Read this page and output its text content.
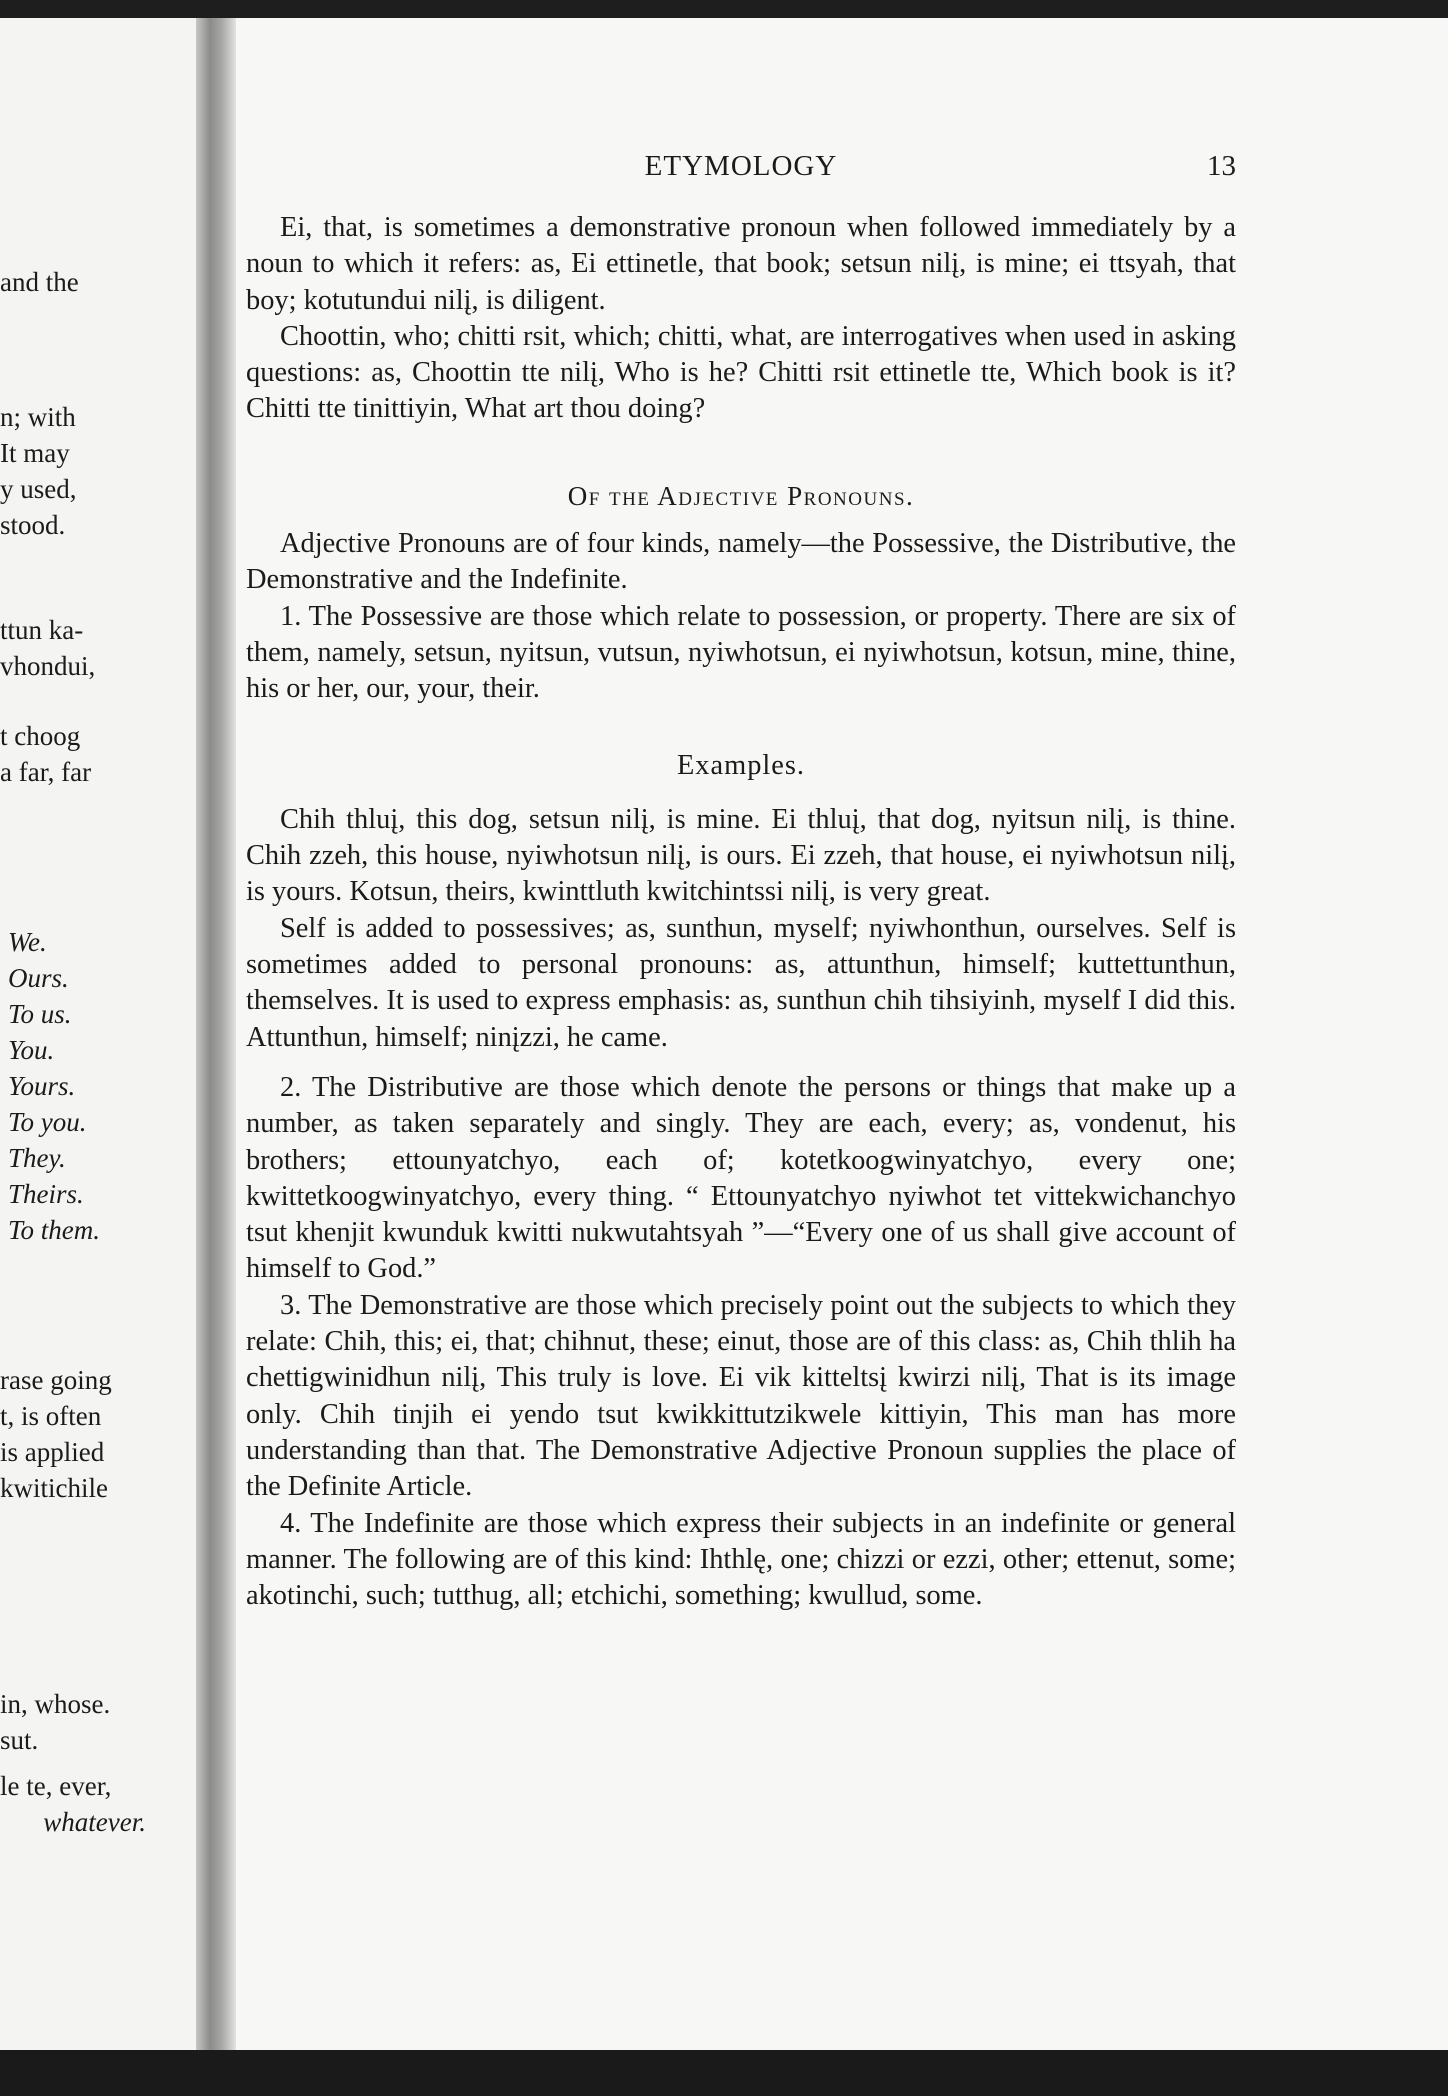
and the
n; with
It may
y used,
stood.
ttun ka-
vhondui,
t choog
a far, far
We.
Ours.
To us.
You.
Yours.
To you.
They.
Theirs.
To them.
rase going
t, is often
is applied
kwitichile
in, whose.
sut.
le te, ever,
whatever.
ETYMOLOGY	13

Ei, that, is sometimes a demonstrative pronoun when followed immediately by a noun to which it refers: as, Ei ettinetle, that book; setsun nilį, is mine; ei ttsyah, that boy; kotutundui nilį, is diligent.

Choottin, who; chitti rsit, which; chitti, what, are interrogatives when used in asking questions: as, Choottin tte nilį, Who is he? Chitti rsit ettinetle tte, Which book is it? Chitti tte tinittiyin, What art thou doing?

Of the Adjective Pronouns.

Adjective Pronouns are of four kinds, namely—the Possessive, the Distributive, the Demonstrative and the Indefinite.

1. The Possessive are those which relate to possession, or property. There are six of them, namely, setsun, nyitsun, vutsun, nyiwhotsun, ei nyiwhotsun, kotsun, mine, thine, his or her, our, your, their.

Examples.

Chih thluį, this dog, setsun nilį, is mine. Ei thluį, that dog, nyitsun nilį, is thine. Chih zzeh, this house, nyiwhotsun nilį, is ours. Ei zzeh, that house, ei nyiwhotsun nilį, is yours. Kotsun, theirs, kwinttluth kwitchintssi nilį, is very great.

Self is added to possessives; as, sunthun, myself; nyiwhonthun, ourselves. Self is sometimes added to personal pronouns: as, attunthun, himself; kuttettunthun, themselves. It is used to express emphasis: as, sunthun chih tihsiyinh, myself I did this. Attunthun, himself; ninįzzi, he came.

2. The Distributive are those which denote the persons or things that make up a number, as taken separately and singly. They are each, every; as, vondenut, his brothers; ettounyatchyo, each of; kotetkoogwinyatchyo, every one; kwittetkoogwinyatchyo, every thing. “ Ettounyatchyo nyiwhot tet vittekwichanchyo tsut khenjit kwunduk kwitti nukwutahtsyah ”—“Every one of us shall give account of himself to God.”

3. The Demonstrative are those which precisely point out the subjects to which they relate: Chih, this; ei, that; chihnut, these; einut, those are of this class: as, Chih thlih ha chettigwinidhun nilį, This truly is love. Ei vik kitteltsį kwirzi nilį, That is its image only. Chih tinjih ei yendo tsut kwikkittutzikwele kittiyin, This man has more understanding than that. The Demonstrative Adjective Pronoun supplies the place of the Definite Article.

4. The Indefinite are those which express their subjects in an indefinite or general manner. The following are of this kind: Ihthlę, one; chizzi or ezzi, other; ettenut, some; akotinchi, such; tutthug, all; etchichi, something; kwullud, some.
